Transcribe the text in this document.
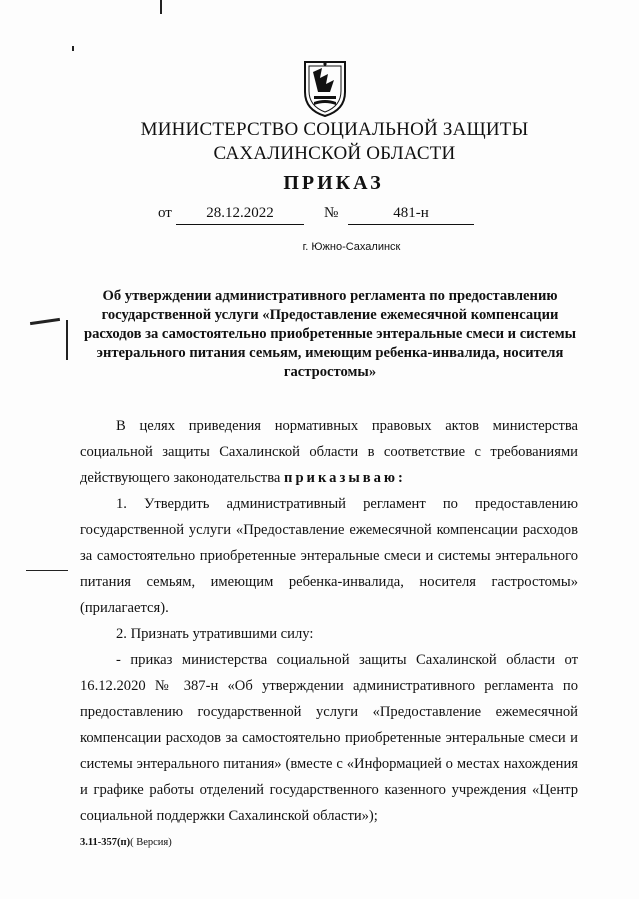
МИНИСТЕРСТВО СОЦИАЛЬНОЙ ЗАЩИТЫ
САХАЛИНСКОЙ ОБЛАСТИ
ПРИКАЗ
от	28.12.2022	№	481-н
г. Южно-Сахалинск
Об утверждении административного регламента по предоставлению государственной услуги «Предоставление ежемесячной компенсации расходов за самостоятельно приобретенные энтеральные смеси и системы энтерального питания семьям, имеющим ребенка-инвалида, носителя гастростомы»

В целях приведения нормативных правовых актов министерства социальной защиты Сахалинской области в соответствие с требованиями действующего законодательства приказываю:

1. Утвердить административный регламент по предоставлению государственной услуги «Предоставление ежемесячной компенсации расходов за самостоятельно приобретенные энтеральные смеси и системы энтерального питания семьям, имеющим ребенка-инвалида, носителя гастростомы» (прилагается).

2. Признать утратившими силу:

- приказ министерства социальной защиты Сахалинской области от 16.12.2020 № 387-н «Об утверждении административного регламента по предоставлению государственной услуги «Предоставление ежемесячной компенсации расходов за самостоятельно приобретенные энтеральные смеси и системы энтерального питания» (вместе с «Информацией о местах нахождения и графике работы отделений государственного казенного учреждения «Центр социальной поддержки Сахалинской области»);

3.11-357(п)( Версия)
